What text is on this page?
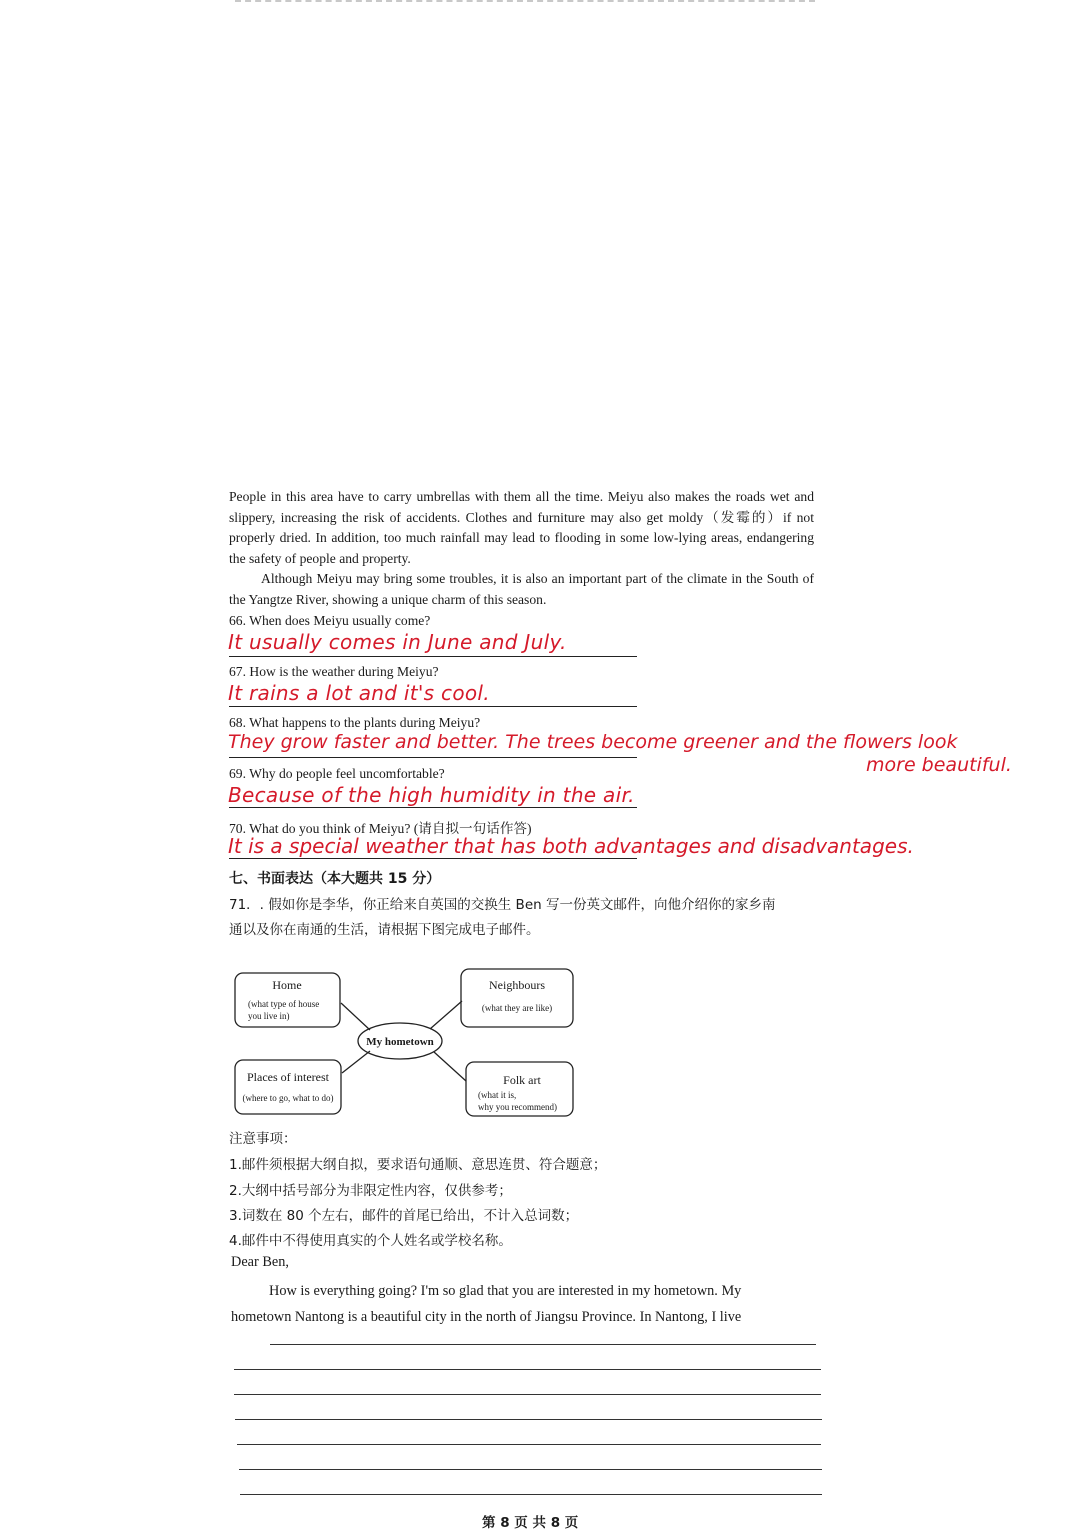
People in this area have to carry umbrellas with them all the time. Meiyu also makes the roads wet and slippery, increasing the risk of accidents. Clothes and furniture may also get moldy（发霉的）if not properly dried. In addition, too much rainfall may lead to flooding in some low-lying areas, endangering the safety of people and property.

Although Meiyu may bring some troubles, it is also an important part of the climate in the South of the Yangtze River, showing a unique charm of this season.

66. When does Meiyu usually come?
It usually comes in June and July.
67. How is the weather during Meiyu?
It rains a lot and it's cool.
68. What happens to the plants during Meiyu?
They grow faster and better. The trees become greener and the flowers look
more beautiful.
69. Why do people feel uncomfortable?
Because of the high humidity in the air.
70. What do you think of Meiyu? (请自拟一句话作答)
It is a special weather that has both advantages and disadvantages.
七、书面表达（本大题共 15 分）
71．. 假如你是李华，你正给来自英国的交换生 Ben 写一份英文邮件，向他介绍你的家乡南
通以及你在南通的生活，请根据下图完成电子邮件。
Home
(what type of house
you live in)
Neighbours
(what they are like)
My hometown
Places of interest
(where to go, what to do)
Folk art
(what it is,
why you recommend)
注意事项：
1.邮件须根据大纲自拟，要求语句通顺、意思连贯、符合题意；
2.大纲中括号部分为非限定性内容，仅供参考；
3.词数在 80 个左右，邮件的首尾已给出，不计入总词数；
4.邮件中不得使用真实的个人姓名或学校名称。
Dear Ben,
How is everything going? I'm so glad that you are interested in my hometown. My
hometown Nantong is a beautiful city in the north of Jiangsu Province. In Nantong, I live
第 8 页 共 8 页
